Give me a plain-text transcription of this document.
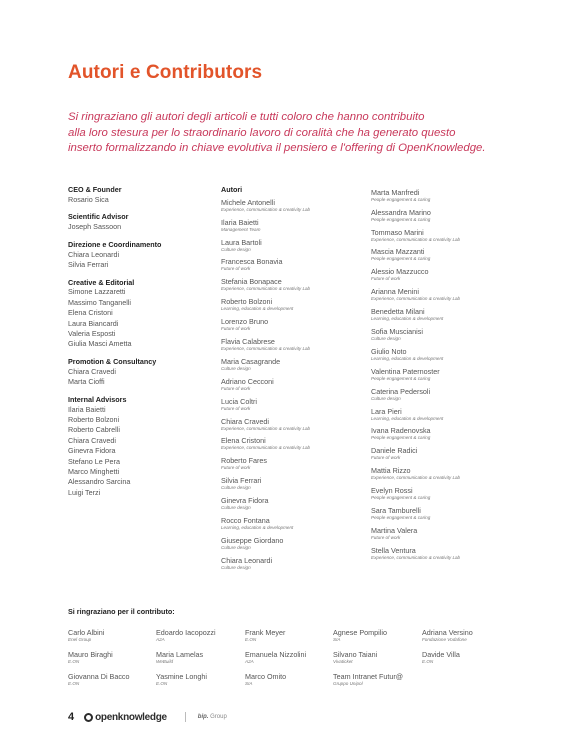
Autori e Contributors

Si ringraziano gli autori degli articoli e tutti coloro che hanno contribuito

alla loro stesura per lo straordinario lavoro di coralità che ha generato questo

inserto formalizzando in chiave evolutiva il pensiero e l'offering di OpenKnowledge.

CEO & Founder
Rosario Sica
Scientific Advisor
Joseph Sassoon
Direzione e Coordinamento
Chiara Leonardi
Silvia Ferrari
Creative & Editorial
Simone Lazzaretti
Massimo Tanganelli
Elena Cristoni
Laura Biancardi
Valeria Esposti
Giulia Masci Ametta
Promotion & Consultancy
Chiara Cravedi
Marta Cioffi
Internal Advisors
Ilaria Baietti
Roberto Bolzoni
Roberto Cabrelli
Chiara Cravedi
Ginevra Fidora
Stefano Le Pera
Marco Minghetti
Alessandro Sarcina
Luigi Terzi
Autori
Michele Antonelli
Experience, communication & creativity Lab
Ilaria Baietti
Management Team
Laura Bartoli
Culture design
Francesca Bonavia
Future of work
Stefania Bonapace
Experience, communication & creativity Lab
Roberto Bolzoni
Learning, education & development
Lorenzo Bruno
Future of work
Flavia Calabrese
Experience, communication & creativity Lab
Maria Casagrande
Culture design
Adriano Cecconi
Future of work
Lucia Coltri
Future of work
Chiara Cravedi
Experience, communication & creativity Lab
Elena Cristoni
Experience, communication & creativity Lab
Roberto Fares
Future of work
Silvia Ferrari
Culture design
Ginevra Fidora
Culture design
Rocco Fontana
Learning, education & development
Giuseppe Giordano
Culture design
Chiara Leonardi
Culture design
Marta Manfredi
People engagement & caring
Alessandra Marino
People engagement & caring
Tommaso Marini
Experience, communication & creativity Lab
Mascia Mazzanti
People engagement & caring
Alessio Mazzucco
Future of work
Arianna Menini
Experience, communication & creativity Lab
Benedetta Milani
Learning, education & development
Sofia Muscianisi
Culture design
Giulio Noto
Learning, education & development
Valentina Paternoster
People engagement & caring
Caterina Pedersoli
Culture design
Lara Pieri
Learning, education & development
Ivana Radenovska
People engagement & caring
Daniele Radici
Future of work
Mattia Rizzo
Experience, communication & creativity Lab
Evelyn Rossi
People engagement & caring
Sara Tamburelli
People engagement & caring
Martina Valera
Future of work
Stella Ventura
Experience, communication & creativity Lab
Si ringraziano per il contributo:
Carlo Albini
Enel Group
Edoardo Iacopozzi
A2A
Frank Meyer
E.ON
Agnese Pompilio
SIA
Adriana Versino
Fondazione Vodafone
Mauro Biraghi
E.ON
Maria Lamelas
WeBuild
Emanuela Nizzolini
A2A
Silvano Taiani
Vivaticket
Davide Villa
E.ON
Giovanna Di Bacco
E.ON
Yasmine Longhi
E.ON
Marco Omito
SIA
Team Intranet Futur@
Gruppo Unipol
4 openknowledge	bip. Group
